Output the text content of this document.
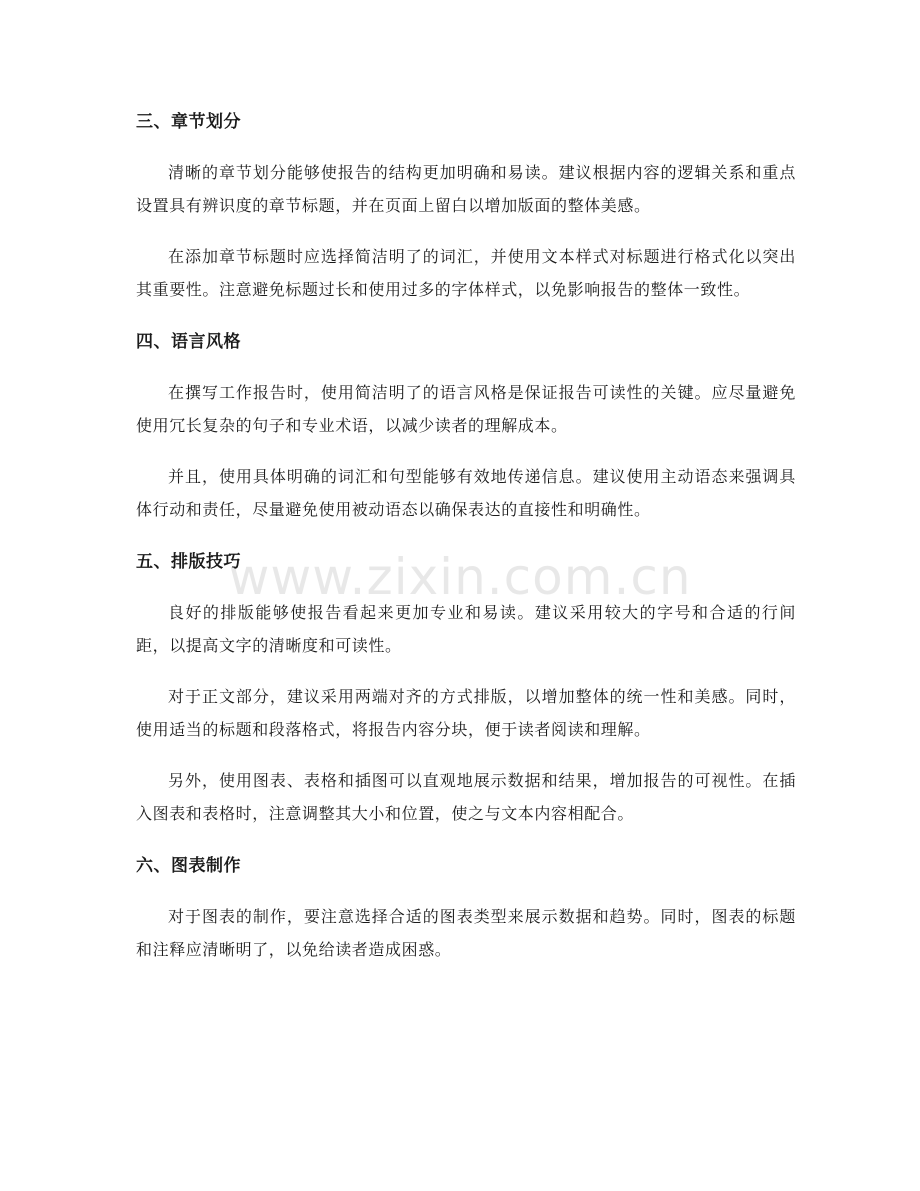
三、章节划分

清晰的章节划分能够使报告的结构更加明确和易读。建议根据内容的逻辑关系和重点设置具有辨识度的章节标题，并在页面上留白以增加版面的整体美感。

在添加章节标题时应选择简洁明了的词汇，并使用文本样式对标题进行格式化以突出其重要性。注意避免标题过长和使用过多的字体样式，以免影响报告的整体一致性。

四、语言风格

在撰写工作报告时，使用简洁明了的语言风格是保证报告可读性的关键。应尽量避免使用冗长复杂的句子和专业术语，以减少读者的理解成本。

并且，使用具体明确的词汇和句型能够有效地传递信息。建议使用主动语态来强调具体行动和责任，尽量避免使用被动语态以确保表达的直接性和明确性。

五、排版技巧

良好的排版能够使报告看起来更加专业和易读。建议采用较大的字号和合适的行间距，以提高文字的清晰度和可读性。

对于正文部分，建议采用两端对齐的方式排版，以增加整体的统一性和美感。同时，使用适当的标题和段落格式，将报告内容分块，便于读者阅读和理解。

另外，使用图表、表格和插图可以直观地展示数据和结果，增加报告的可视性。在插入图表和表格时，注意调整其大小和位置，使之与文本内容相配合。

六、图表制作

对于图表的制作，要注意选择合适的图表类型来展示数据和趋势。同时，图表的标题和注释应清晰明了，以免给读者造成困惑。

www.zixin.com.cn
